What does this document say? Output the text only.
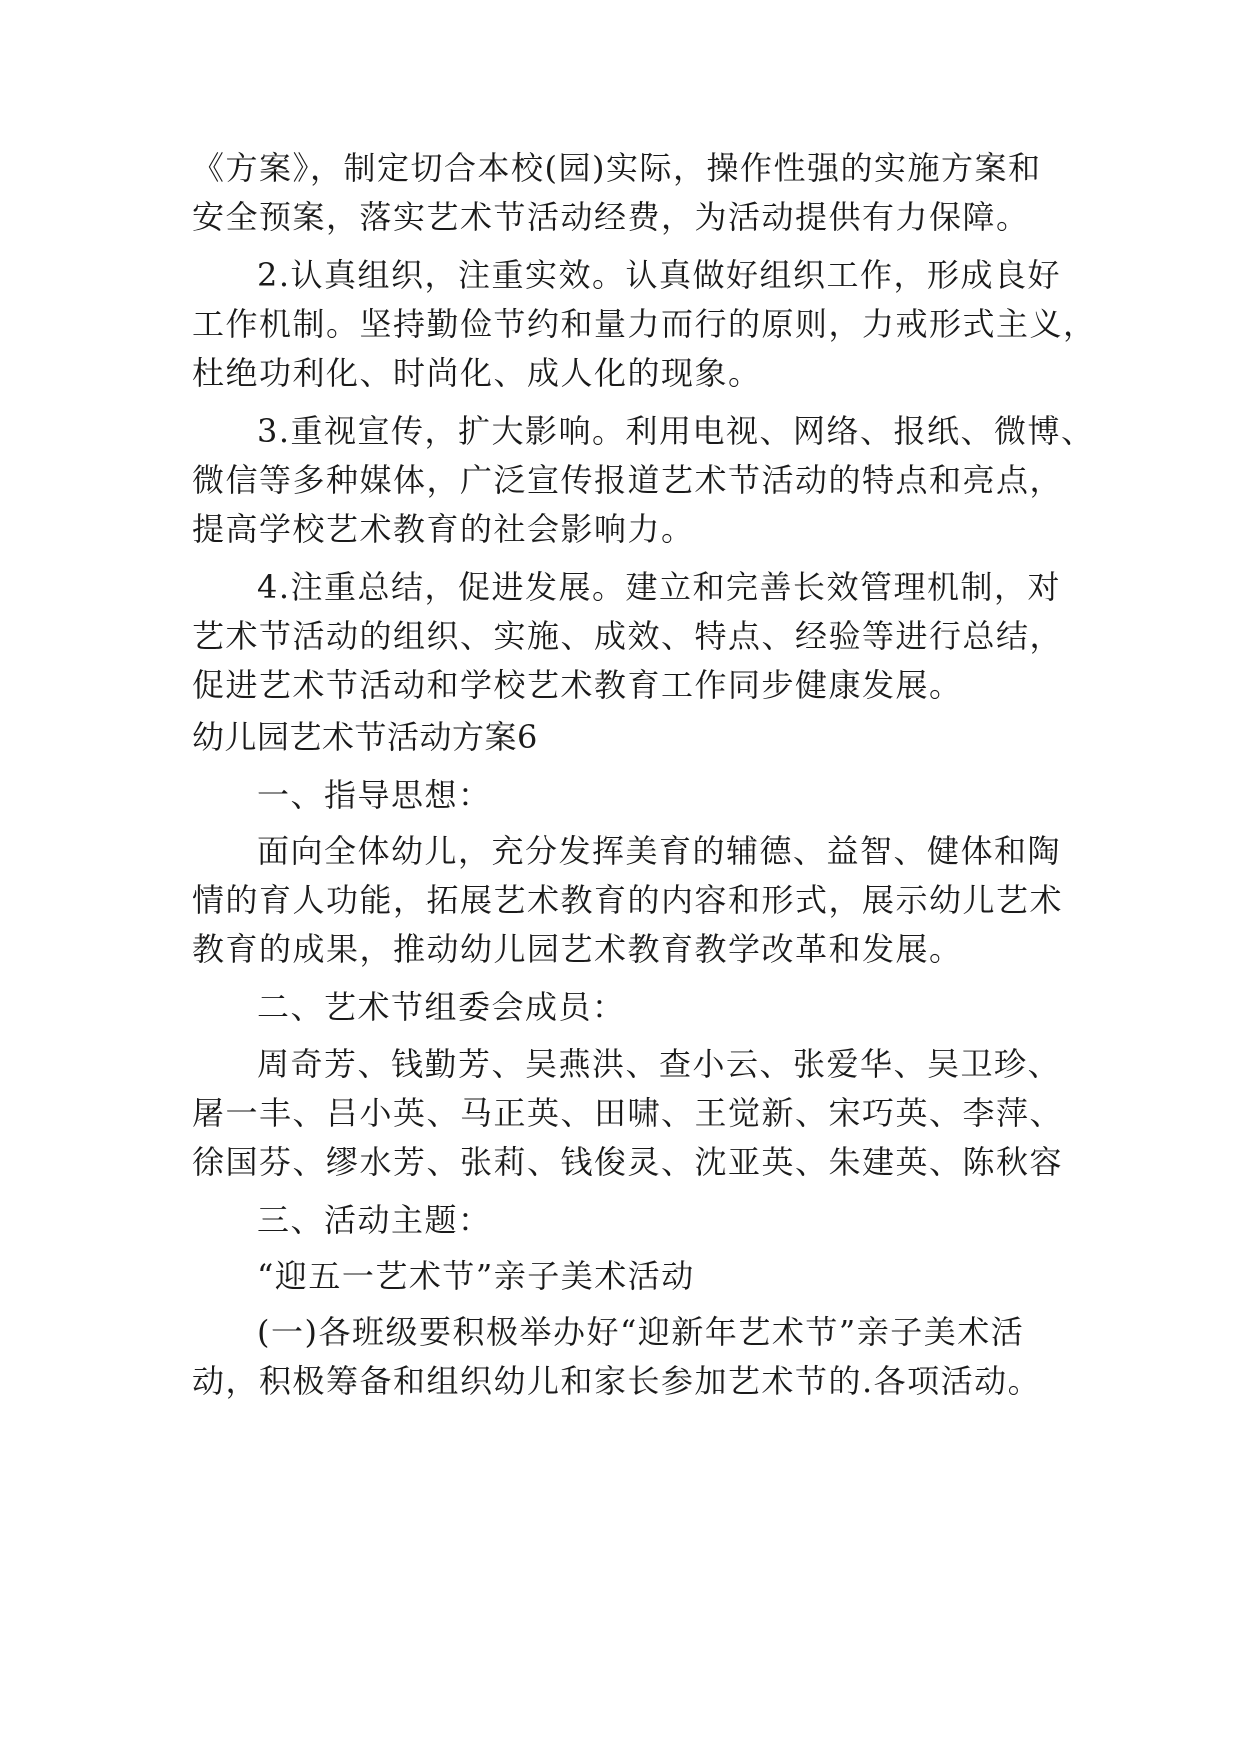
《方案》，制定切合本校(园)实际，操作性强的实施方案和
安全预案，落实艺术节活动经费，为活动提供有力保障。
2.认真组织，注重实效。认真做好组织工作，形成良好
工作机制。坚持勤俭节约和量力而行的原则，力戒形式主义，
杜绝功利化、时尚化、成人化的现象。
3.重视宣传，扩大影响。利用电视、网络、报纸、微博、
微信等多种媒体，广泛宣传报道艺术节活动的特点和亮点，
提高学校艺术教育的社会影响力。
4.注重总结，促进发展。建立和完善长效管理机制，对
艺术节活动的组织、实施、成效、特点、经验等进行总结，
促进艺术节活动和学校艺术教育工作同步健康发展。
幼儿园艺术节活动方案6
一、指导思想：
面向全体幼儿，充分发挥美育的辅德、益智、健体和陶
情的育人功能，拓展艺术教育的内容和形式，展示幼儿艺术
教育的成果，推动幼儿园艺术教育教学改革和发展。
二、艺术节组委会成员：
周奇芳、钱勤芳、吴燕洪、查小云、张爱华、吴卫珍、
屠一丰、吕小英、马正英、田啸、王觉新、宋巧英、李萍、
徐国芬、缪水芳、张莉、钱俊灵、沈亚英、朱建英、陈秋容
三、活动主题：
“迎五一艺术节”亲子美术活动
(一)各班级要积极举办好“迎新年艺术节”亲子美术活
动，积极筹备和组织幼儿和家长参加艺术节的.各项活动。
